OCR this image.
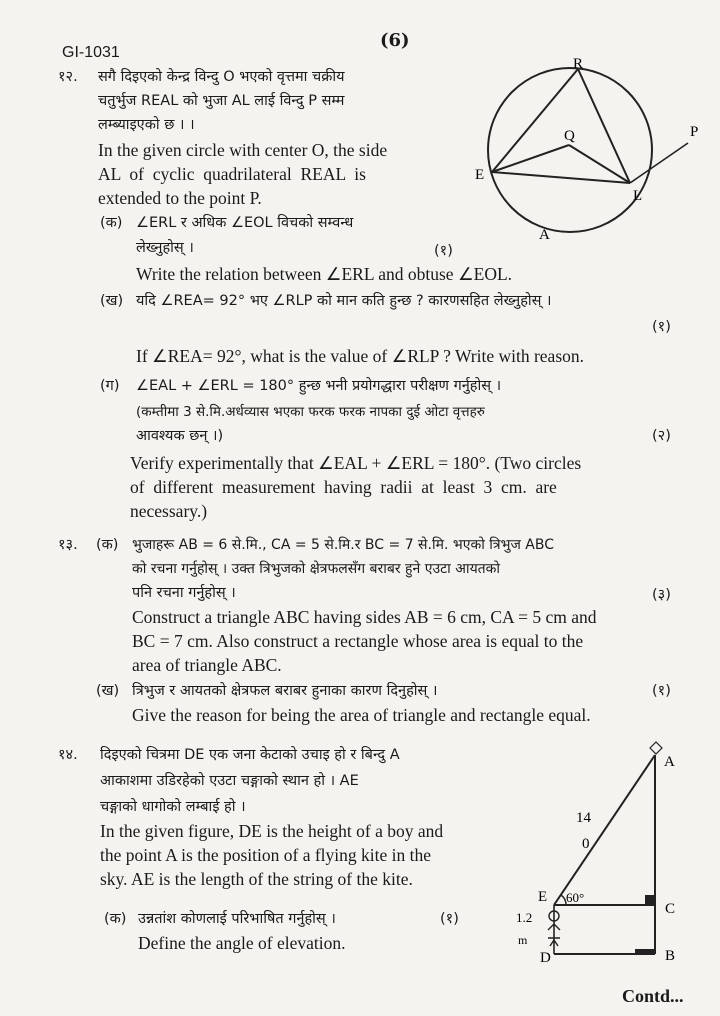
(6)
GI-1031
१२. सगै दिइएको केन्द्र विन्दु O भएको वृत्तमा चक्रीय
चतुर्भुज REAL को भुजा AL लाई विन्दु P सम्म
लम्ब्याइएको छ । ।
In the given circle with center O, the side
AL  of  cyclic  quadrilateral  REAL  is
extended to the point P.
R
Q	P
E
L
A
(क) ∠ERL र अधिक ∠EOL विचको सम्वन्ध
लेख्नुहोस् ।	(१)
Write the relation between ∠ERL and obtuse ∠EOL.
(ख) यदि ∠REA= 92° भए ∠RLP को मान कति हुन्छ ? कारणसहित लेख्नुहोस् ।
(१)
If ∠REA= 92°, what is the value of ∠RLP ? Write with reason.
(ग) ∠EAL + ∠ERL = 180° हुन्छ भनी प्रयोगद्धारा परीक्षण गर्नुहोस् ।
(कम्तीमा 3 से.मि.अर्धव्यास भएका फरक फरक नापका दुई ओटा वृत्तहरु
आवश्यक छन् ।)	(२)
Verify experimentally that ∠EAL + ∠ERL = 180°. (Two circles
of  different  measurement  having  radii  at  least  3  cm.  are
necessary.)
१३. (क) भुजाहरू AB = 6 से.मि., CA = 5 से.मि.र BC = 7 से.मि. भएको त्रिभुज ABC
को रचना गर्नुहोस् । उक्त त्रिभुजको क्षेत्रफलसँग बराबर हुने एउटा आयतको
पनि रचना गर्नुहोस् ।	(३)
Construct a triangle ABC having sides AB = 6 cm, CA = 5 cm and
BC = 7 cm. Also construct a rectangle whose area is equal to the
area of triangle ABC.
(ख) त्रिभुज र आयतको क्षेत्रफल बराबर हुनाका कारण दिनुहोस् ।	(१)
Give the reason for being the area of triangle and rectangle equal.
१४. दिइएको चित्रमा DE एक जना केटाको उचाइ हो र बिन्दु A
आकाशमा उडिरहेको एउटा चङ्गाको स्थान हो । AE
चङ्गाको धागोको लम्बाई हो ।
In the given figure, DE is the height of a boy and
the point A is the position of a flying kite in the
sky. AE is the length of the string of the kite.
(क) उन्नतांश कोणलाई परिभाषित गर्नुहोस् ।	(१)
Define the angle of elevation.
A
C
B
E
D
14
0
60°
1.2
m
Contd...
